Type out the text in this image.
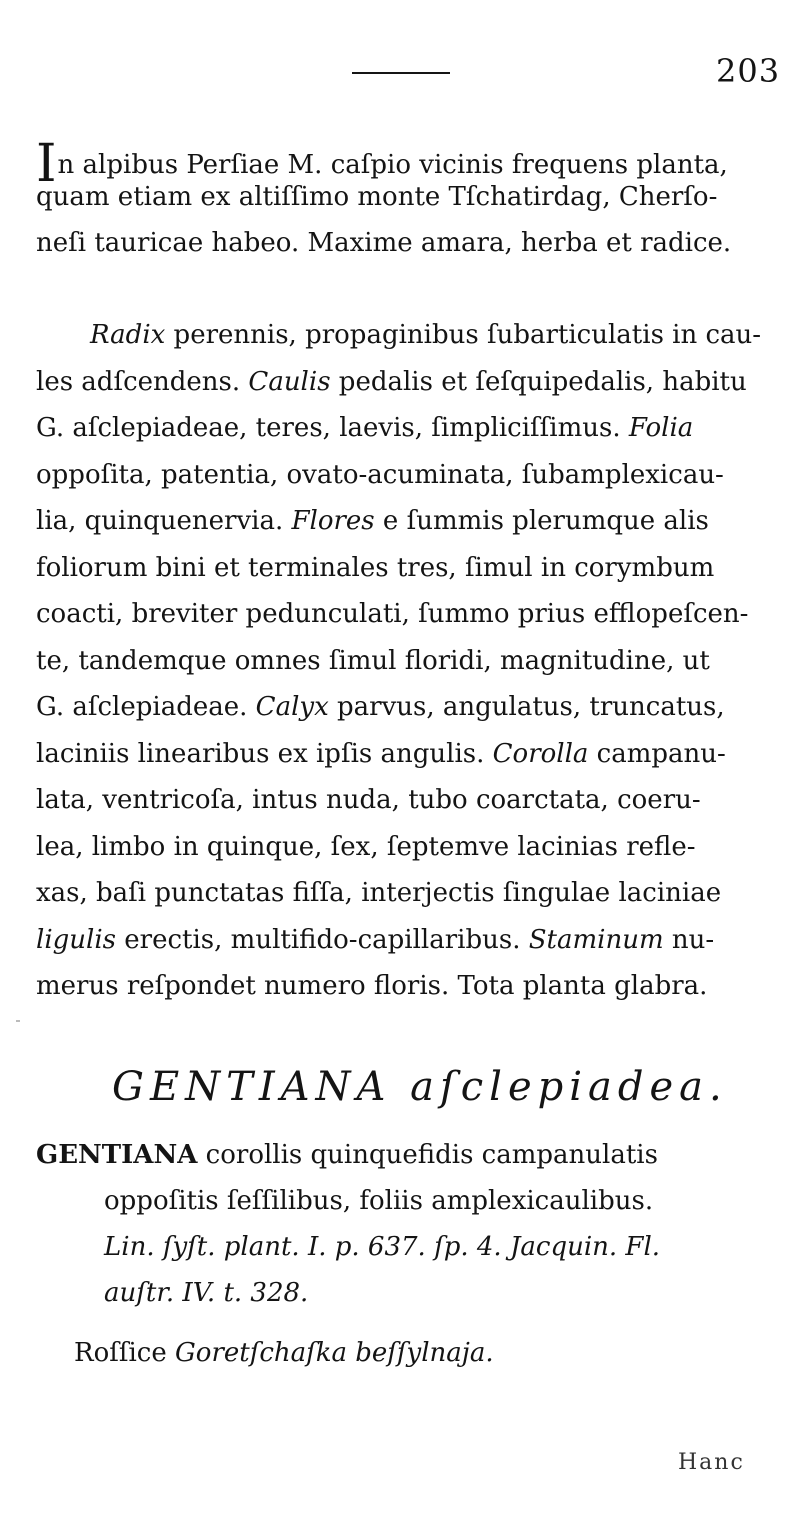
203
In alpibus Perſiae M. caſpio vicinis frequens planta,
quam etiam ex altiſſimo monte Tſchatirdag, Cherſo-
neſi tauricae habeo. Maxime amara, herba et radice.
Radix perennis, propaginibus ſubarticulatis in cau-
les adſcendens. Caulis pedalis et ſeſquipedalis, habitu
G. aſclepiadeae, teres, laevis, ſimpliciſſimus. Folia
oppoſita, patentia, ovato-acuminata, ſubamplexicau-
lia, quinquenervia. Flores e ſummis plerumque alis
foliorum bini et terminales tres, ſimul in corymbum
coacti, breviter pedunculati, ſummo prius efflореſcen-
te, tandemque omnes ſimul floridi, magnitudine, ut
G. aſclepiadeae. Calyx parvus, angulatus, truncatus,
laciniis linearibus ex ipſis angulis. Corolla campanu-
lata, ventricoſa, intus nuda, tubo coarctata, coeru-
lea, limbo in quinque, ſex, ſeptemve lacinias refle-
xas, baſi punctatas fiſſa, interjectis ſingulae laciniae
ligulis erectis, multifido-capillaribus. Staminum nu-
merus reſpondet numero floris. Tota planta glabra.
GENTIANA aſclepiadea.
GENTIANA corollis quinquefidis campanulatis
oppoſitis ſeſſilibus, foliis amplexicaulibus.
Lin. ſyſt. plant. I. p. 637. ſp. 4. Jacquin. Fl.
auſtr. IV. t. 328.
Roſſice Goretſchaſka beſſylnaja.
Hanc
